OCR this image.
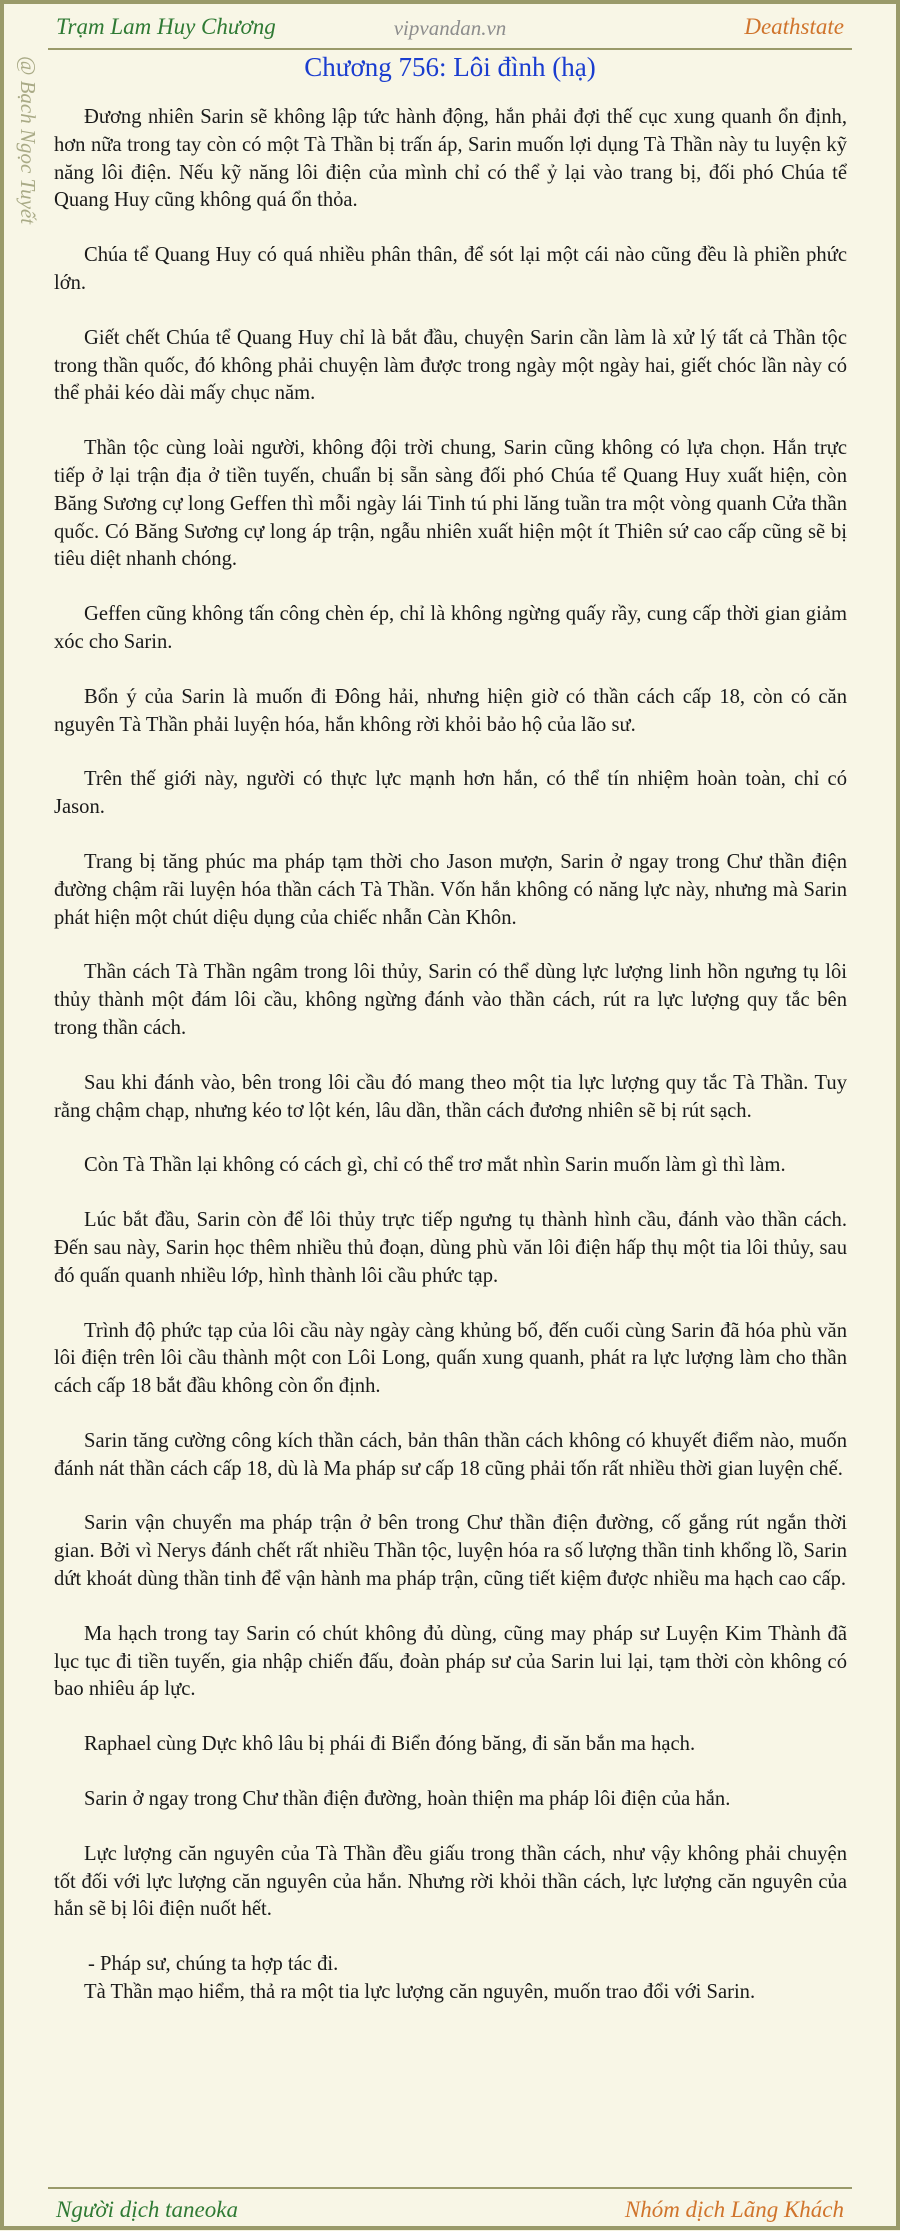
Trạm Lam Huy Chương	vipvandan.vn	Deathstate
@ Bạch Ngọc Tuyết	Chương 756: Lôi đình (hạ)

Đương nhiên Sarin sẽ không lập tức hành động, hắn phải đợi thế cục xung quanh ổn định, hơn nữa trong tay còn có một Tà Thần bị trấn áp, Sarin muốn lợi dụng Tà Thần này tu luyện kỹ năng lôi điện. Nếu kỹ năng lôi điện của mình chỉ có thể ỷ lại vào trang bị, đối phó Chúa tể Quang Huy cũng không quá ổn thỏa.

Chúa tể Quang Huy có quá nhiều phân thân, để sót lại một cái nào cũng đều là phiền phức lớn.

Giết chết Chúa tể Quang Huy chỉ là bắt đầu, chuyện Sarin cần làm là xử lý tất cả Thần tộc trong thần quốc, đó không phải chuyện làm được trong ngày một ngày hai, giết chóc lần này có thể phải kéo dài mấy chục năm.

Thần tộc cùng loài người, không đội trời chung, Sarin cũng không có lựa chọn. Hắn trực tiếp ở lại trận địa ở tiền tuyến, chuẩn bị sẵn sàng đối phó Chúa tể Quang Huy xuất hiện, còn Băng Sương cự long Geffen thì mỗi ngày lái Tinh tú phi lăng tuần tra một vòng quanh Cửa thần quốc. Có Băng Sương cự long áp trận, ngẫu nhiên xuất hiện một ít Thiên sứ cao cấp cũng sẽ bị tiêu diệt nhanh chóng.

Geffen cũng không tấn công chèn ép, chỉ là không ngừng quấy rầy, cung cấp thời gian giảm xóc cho Sarin.

Bổn ý của Sarin là muốn đi Đông hải, nhưng hiện giờ có thần cách cấp 18, còn có căn nguyên Tà Thần phải luyện hóa, hắn không rời khỏi bảo hộ của lão sư.

Trên thế giới này, người có thực lực mạnh hơn hắn, có thể tín nhiệm hoàn toàn, chỉ có Jason.

Trang bị tăng phúc ma pháp tạm thời cho Jason mượn, Sarin ở ngay trong Chư thần điện đường chậm rãi luyện hóa thần cách Tà Thần. Vốn hắn không có năng lực này, nhưng mà Sarin phát hiện một chút diệu dụng của chiếc nhẫn Càn Khôn.

Thần cách Tà Thần ngâm trong lôi thủy, Sarin có thể dùng lực lượng linh hồn ngưng tụ lôi thủy thành một đám lôi cầu, không ngừng đánh vào thần cách, rút ra lực lượng quy tắc bên trong thần cách.

Sau khi đánh vào, bên trong lôi cầu đó mang theo một tia lực lượng quy tắc Tà Thần. Tuy rằng chậm chạp, nhưng kéo tơ lột kén, lâu dần, thần cách đương nhiên sẽ bị rút sạch.

Còn Tà Thần lại không có cách gì, chỉ có thể trơ mắt nhìn Sarin muốn làm gì thì làm.

Lúc bắt đầu, Sarin còn để lôi thủy trực tiếp ngưng tụ thành hình cầu, đánh vào thần cách. Đến sau này, Sarin học thêm nhiều thủ đoạn, dùng phù văn lôi điện hấp thụ một tia lôi thủy, sau đó quấn quanh nhiều lớp, hình thành lôi cầu phức tạp.

Trình độ phức tạp của lôi cầu này ngày càng khủng bố, đến cuối cùng Sarin đã hóa phù văn lôi điện trên lôi cầu thành một con Lôi Long, quấn xung quanh, phát ra lực lượng làm cho thần cách cấp 18 bắt đầu không còn ổn định.

Sarin tăng cường công kích thần cách, bản thân thần cách không có khuyết điểm nào, muốn đánh nát thần cách cấp 18, dù là Ma pháp sư cấp 18 cũng phải tốn rất nhiều thời gian luyện chế.

Sarin vận chuyển ma pháp trận ở bên trong Chư thần điện đường, cố gắng rút ngắn thời gian. Bởi vì Nerys đánh chết rất nhiều Thần tộc, luyện hóa ra số lượng thần tinh khổng lồ, Sarin dứt khoát dùng thần tinh để vận hành ma pháp trận, cũng tiết kiệm được nhiều ma hạch cao cấp.

Ma hạch trong tay Sarin có chút không đủ dùng, cũng may pháp sư Luyện Kim Thành đã lục tục đi tiền tuyến, gia nhập chiến đấu, đoàn pháp sư của Sarin lui lại, tạm thời còn không có bao nhiêu áp lực.

Raphael cùng Dực khô lâu bị phái đi Biển đóng băng, đi săn bắn ma hạch.

Sarin ở ngay trong Chư thần điện đường, hoàn thiện ma pháp lôi điện của hắn.

Lực lượng căn nguyên của Tà Thần đều giấu trong thần cách, như vậy không phải chuyện tốt đối với lực lượng căn nguyên của hắn. Nhưng rời khỏi thần cách, lực lượng căn nguyên của hắn sẽ bị lôi điện nuốt hết.

- Pháp sư, chúng ta hợp tác đi.

Tà Thần mạo hiểm, thả ra một tia lực lượng căn nguyên, muốn trao đổi với Sarin.

Người dịch taneoka	Nhóm dịch Lãng Khách
